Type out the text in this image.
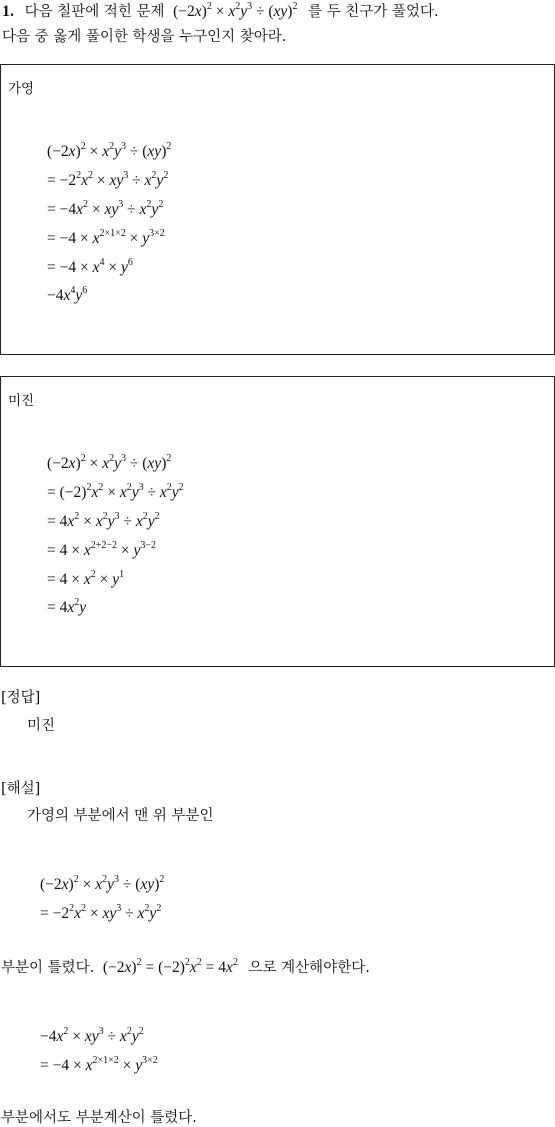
1. 다음 칠판에 적힌 문제 $(-2x)^2 \times x^2y^3 \div (xy)^2$ 를 두 친구가 풀었다.
다음 중 옳게 풀이한 학생을 누구인지 찾아라.
가영
$(-2x)^2 \times x^2y^3 \div (xy)^2$
= $-2^2x^2 \times xy^3 \div x^2y^2$
= $-4x^2 \times xy^3 \div x^2y^2$
= $-4 \times x^{2\times 1\times 2} \times y^{3\times 2}$
= $-4 \times x^4 \times y^6$
$-4x^4y^6$
미진
$(-2x)^2 \times x^2y^3 \div (xy)^2$
= $(-2)^2x^2 \times x^2y^3 \div x^2y^2$
= $4x^2 \times x^2y^3 \div x^2y^2$
= $4 \times x^{2+2-2} \times y^{3-2}$
= $4 \times x^2 \times y^1$
= $4x^2y$
[정답]
미진
[해설]
가영의 부분에서 맨 위 부분인
$(-2x)^2 \times x^2y^3 \div (xy)^2$
= $-2^2x^2 \times xy^3 \div x^2y^2$
부분이 틀렸다. $(-2x)^2 = (-2)^2x^2 = 4x^2$ 으로 계산해야한다.
$-4x^2 \times xy^3 \div x^2y^2$
= $-4 \times x^{2\times 1\times 2} \times y^{3\times 2}$
부분에서도 부분계산이 틀렸다.
